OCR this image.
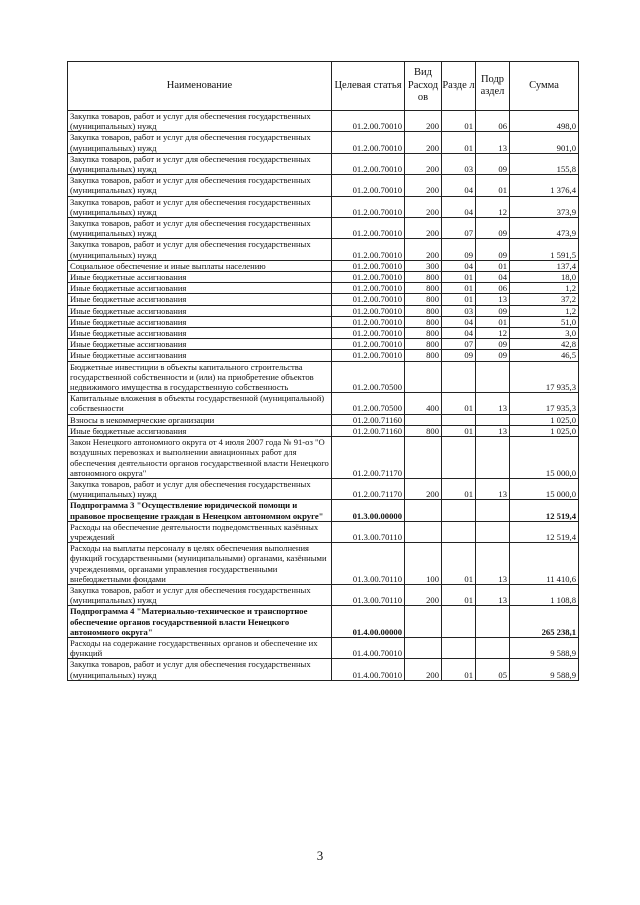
Наименование	Целевая статья	Вид Расход ов	Разде л	Подр аздел	Сумма
Закупка товаров, работ и услуг для обеспечения государственных (муниципальных) нужд	01.2.00.70010	200	01	06	498,0
Закупка товаров, работ и услуг для обеспечения государственных (муниципальных) нужд	01.2.00.70010	200	01	13	901,0
Закупка товаров, работ и услуг для обеспечения государственных (муниципальных) нужд	01.2.00.70010	200	03	09	155,8
Закупка товаров, работ и услуг для обеспечения государственных (муниципальных) нужд	01.2.00.70010	200	04	01	1 376,4
Закупка товаров, работ и услуг для обеспечения государственных (муниципальных) нужд	01.2.00.70010	200	04	12	373,9
Закупка товаров, работ и услуг для обеспечения государственных (муниципальных) нужд	01.2.00.70010	200	07	09	473,9
Закупка товаров, работ и услуг для обеспечения государственных (муниципальных) нужд	01.2.00.70010	200	09	09	1 591,5
Социальное обеспечение и иные выплаты населению	01.2.00.70010	300	04	01	137,4
Иные бюджетные ассигнования	01.2.00.70010	800	01	04	18,0
Иные бюджетные ассигнования	01.2.00.70010	800	01	06	1,2
Иные бюджетные ассигнования	01.2.00.70010	800	01	13	37,2
Иные бюджетные ассигнования	01.2.00.70010	800	03	09	1,2
Иные бюджетные ассигнования	01.2.00.70010	800	04	01	51,0
Иные бюджетные ассигнования	01.2.00.70010	800	04	12	3,0
Иные бюджетные ассигнования	01.2.00.70010	800	07	09	42,8
Иные бюджетные ассигнования	01.2.00.70010	800	09	09	46,5
Бюджетные инвестиции в объекты капитального строительства государственной собственности и (или) на приобретение объектов недвижимого имущества в государственную собственность	01.2.00.70500				17 935,3
Капитальные вложения в объекты государственной (муниципальной) собственности	01.2.00.70500	400	01	13	17 935,3
Взносы в некоммерческие организации	01.2.00.71160				1 025,0
Иные бюджетные ассигнования	01.2.00.71160	800	01	13	1 025,0
Закон Ненецкого автономного округа от 4 июля 2007 года № 91-оз "О воздушных перевозках и выполнении авиационных работ для обеспечения деятельности органов государственной власти Ненецкого автономного округа"	01.2.00.71170				15 000,0
Закупка товаров, работ и услуг для обеспечения государственных (муниципальных) нужд	01.2.00.71170	200	01	13	15 000,0
Подпрограмма 3 "Осуществление юридической помощи и правовое просвещение граждан в Ненецком автономном округе"	01.3.00.00000				12 519,4
Расходы на обеспечение деятельности подведомственных казённых учреждений	01.3.00.70110				12 519,4
Расходы на выплаты персоналу в целях обеспечения выполнения функций государственными (муниципальными) органами, казёнными учреждениями, органами управления государственными внебюджетными фондами	01.3.00.70110	100	01	13	11 410,6
Закупка товаров, работ и услуг для обеспечения государственных (муниципальных) нужд	01.3.00.70110	200	01	13	1 108,8
Подпрограмма 4 "Материально-техническое и транспортное обеспечение органов государственной власти Ненецкого автономного округа"	01.4.00.00000				265 238,1
Расходы на содержание государственных органов и обеспечение их функций	01.4.00.70010				9 588,9
Закупка товаров, работ и услуг для обеспечения государственных (муниципальных) нужд	01.4.00.70010	200	01	05	9 588,9
3
